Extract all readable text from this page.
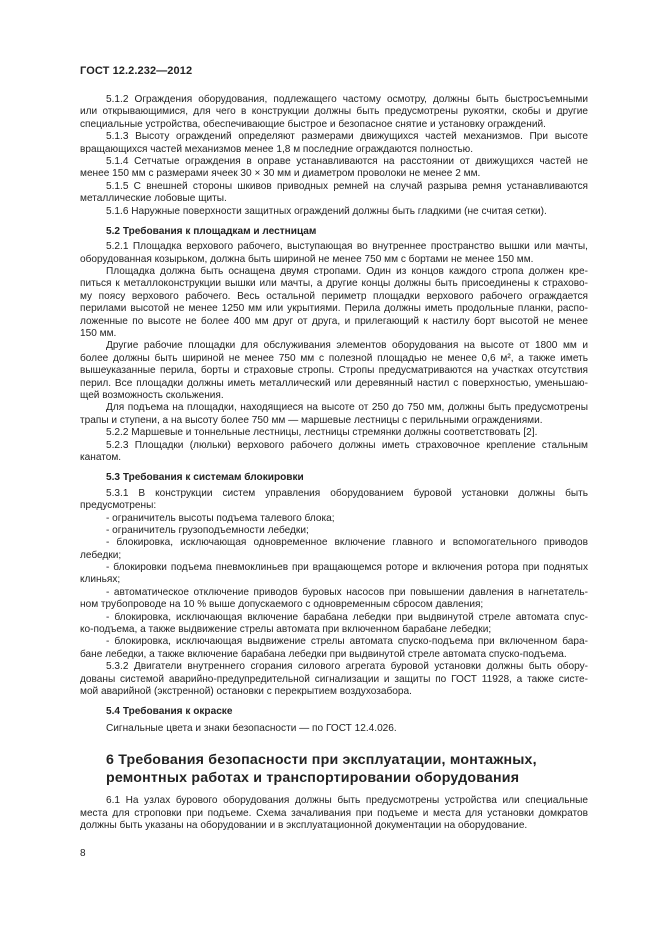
ГОСТ 12.2.232—2012
5.1.2 Ограждения оборудования, подлежащего частому осмотру, должны быть быстросъемными
или открывающимися, для чего в конструкции должны быть предусмотрены рукоятки, скобы и другие
специальные устройства, обеспечивающие быстрое и безопасное снятие и установку ограждений.
5.1.3 Высоту ограждений определяют размерами движущихся частей механизмов. При высоте
вращающихся частей механизмов менее 1,8 м последние ограждаются полностью.
5.1.4 Сетчатые ограждения в оправе устанавливаются на расстоянии от движущихся частей не
менее 150 мм с размерами ячеек 30 × 30 мм и диаметром проволоки не менее 2 мм.
5.1.5 С внешней стороны шкивов приводных ремней на случай разрыва ремня устанавливаются
металлические лобовые щиты.
5.1.6 Наружные поверхности защитных ограждений должны быть гладкими (не считая сетки).
5.2 Требования к площадкам и лестницам
5.2.1 Площадка верхового рабочего, выступающая во внутреннее пространство вышки или мачты,
оборудованная козырьком, должна быть шириной не менее 750 мм с бортами не менее 150 мм.
Площадка должна быть оснащена двумя стропами. Один из концов каждого стропа должен кре-
питься к металлоконструкции вышки или мачты, а другие концы должны быть присоединены к страхово-
му поясу верхового рабочего. Весь остальной периметр площадки верхового рабочего ограждается
перилами высотой не менее 1250 мм или укрытиями. Перила должны иметь продольные планки, распо-
ложенные по высоте не более 400 мм друг от друга, и прилегающий к настилу борт высотой не менее
150 мм.
Другие рабочие площадки для обслуживания элементов оборудования на высоте от 1800 мм и
более должны быть шириной не менее 750 мм с полезной площадью не менее 0,6 м², а также иметь
вышеуказанные перила, борты и страховые стропы. Стропы предусматриваются на участках отсутствия
перил. Все площадки должны иметь металлический или деревянный настил с поверхностью, уменьшаю-
щей возможность скольжения.
Для подъема на площадки, находящиеся на высоте от 250 до 750 мм, должны быть предусмотрены
трапы и ступени, а на высоту более 750 мм — маршевые лестницы с перильными ограждениями.
5.2.2 Маршевые и тоннельные лестницы, лестницы стремянки должны соответствовать [2].
5.2.3 Площадки (люльки) верхового рабочего должны иметь страховочное крепление стальным
канатом.
5.3 Требования к системам блокировки
5.3.1 В конструкции систем управления оборудованием буровой установки должны быть
предусмотрены:
- ограничитель высоты подъема талевого блока;
- ограничитель грузоподъемности лебедки;
- блокировка, исключающая одновременное включение главного и вспомогательного приводов
лебедки;
- блокировки подъема пневмоклиньев при вращающемся роторе и включения ротора при поднятых
клиньях;
- автоматическое отключение приводов буровых насосов при повышении давления в нагнетатель-
ном трубопроводе на 10 % выше допускаемого с одновременным сбросом давления;
- блокировка, исключающая включение барабана лебедки при выдвинутой стреле автомата спус-
ко-подъема, а также выдвижение стрелы автомата при включенном барабане лебедки;
- блокировка, исключающая выдвижение стрелы автомата спуско-подъема при включенном бара-
бане лебедки, а также включение барабана лебедки при выдвинутой стреле автомата спуско-подъема.
5.3.2 Двигатели внутреннего сгорания силового агрегата буровой установки должны быть обору-
дованы системой аварийно-предупредительной сигнализации и защиты по ГОСТ 11928, а также систе-
мой аварийной (экстренной) остановки с перекрытием воздухозабора.
5.4 Требования к окраске
Сигнальные цвета и знаки безопасности — по ГОСТ 12.4.026.
6 Требования безопасности при эксплуатации, монтажных,
ремонтных работах и транспортировании оборудования
6.1 На узлах бурового оборудования должны быть предусмотрены устройства или специальные
места для строповки при подъеме. Схема зачаливания при подъеме и места для установки домкратов
должны быть указаны на оборудовании и в эксплуатационной документации на оборудование.
8
